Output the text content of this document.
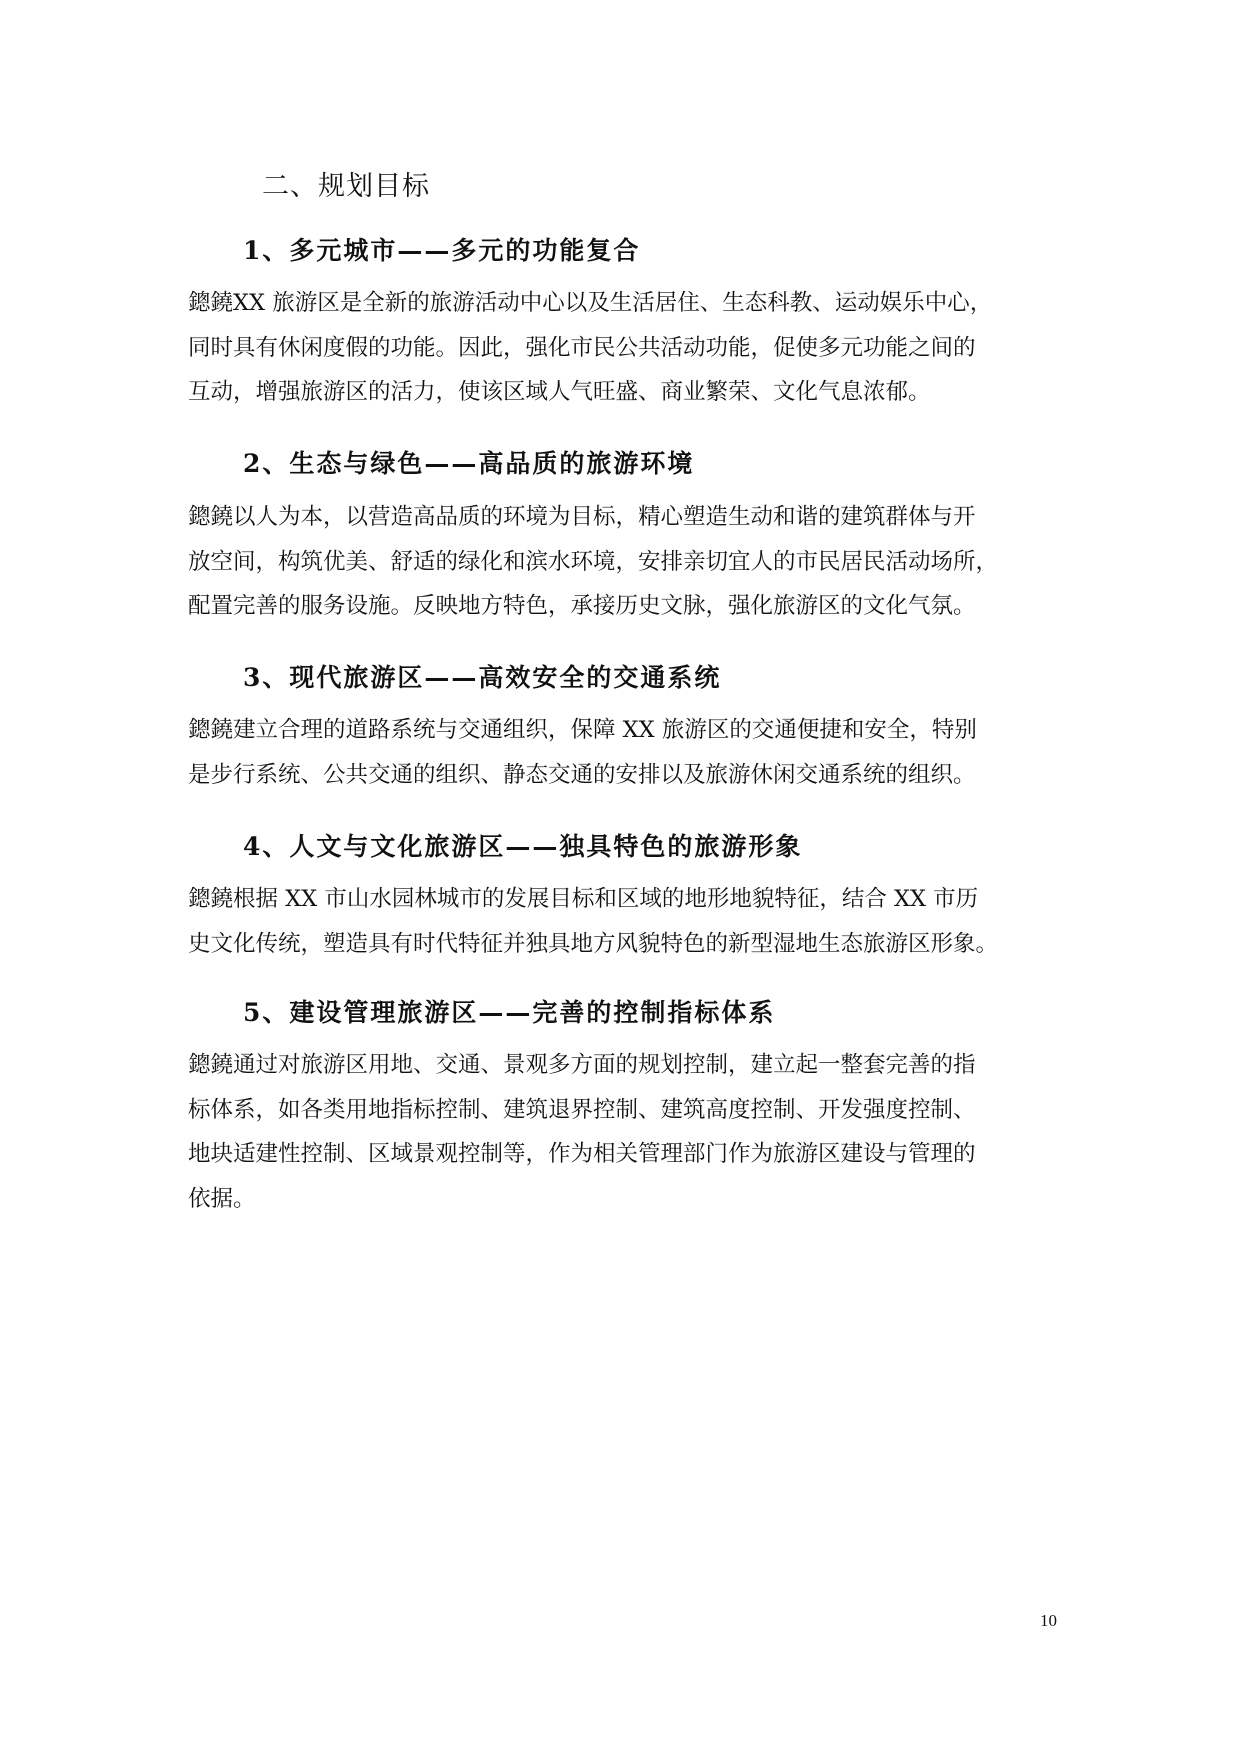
二、规划目标
1、多元城市——多元的功能复合
鏓鐃XX 旅游区是全新的旅游活动中心以及生活居住、生态科教、运动娱乐中心，
同时具有休闲度假的功能。因此，强化市民公共活动功能，促使多元功能之间的
互动，增强旅游区的活力，使该区域人气旺盛、商业繁荣、文化气息浓郁。
2、生态与绿色——高品质的旅游环境
鏓鐃以人为本，以营造高品质的环境为目标，精心塑造生动和谐的建筑群体与开
放空间，构筑优美、舒适的绿化和滨水环境，安排亲切宜人的市民居民活动场所，
配置完善的服务设施。反映地方特色，承接历史文脉，强化旅游区的文化气氛。
3、现代旅游区——高效安全的交通系统
鏓鐃建立合理的道路系统与交通组织，保障 XX 旅游区的交通便捷和安全，特别
是步行系统、公共交通的组织、静态交通的安排以及旅游休闲交通系统的组织。
4、人文与文化旅游区——独具特色的旅游形象
鏓鐃根据 XX 市山水园林城市的发展目标和区域的地形地貌特征，结合 XX 市历
史文化传统，塑造具有时代特征并独具地方风貌特色的新型湿地生态旅游区形象。
5、建设管理旅游区——完善的控制指标体系
鏓鐃通过对旅游区用地、交通、景观多方面的规划控制，建立起一整套完善的指
标体系，如各类用地指标控制、建筑退界控制、建筑高度控制、开发强度控制、
地块适建性控制、区域景观控制等，作为相关管理部门作为旅游区建设与管理的
依据。
10
